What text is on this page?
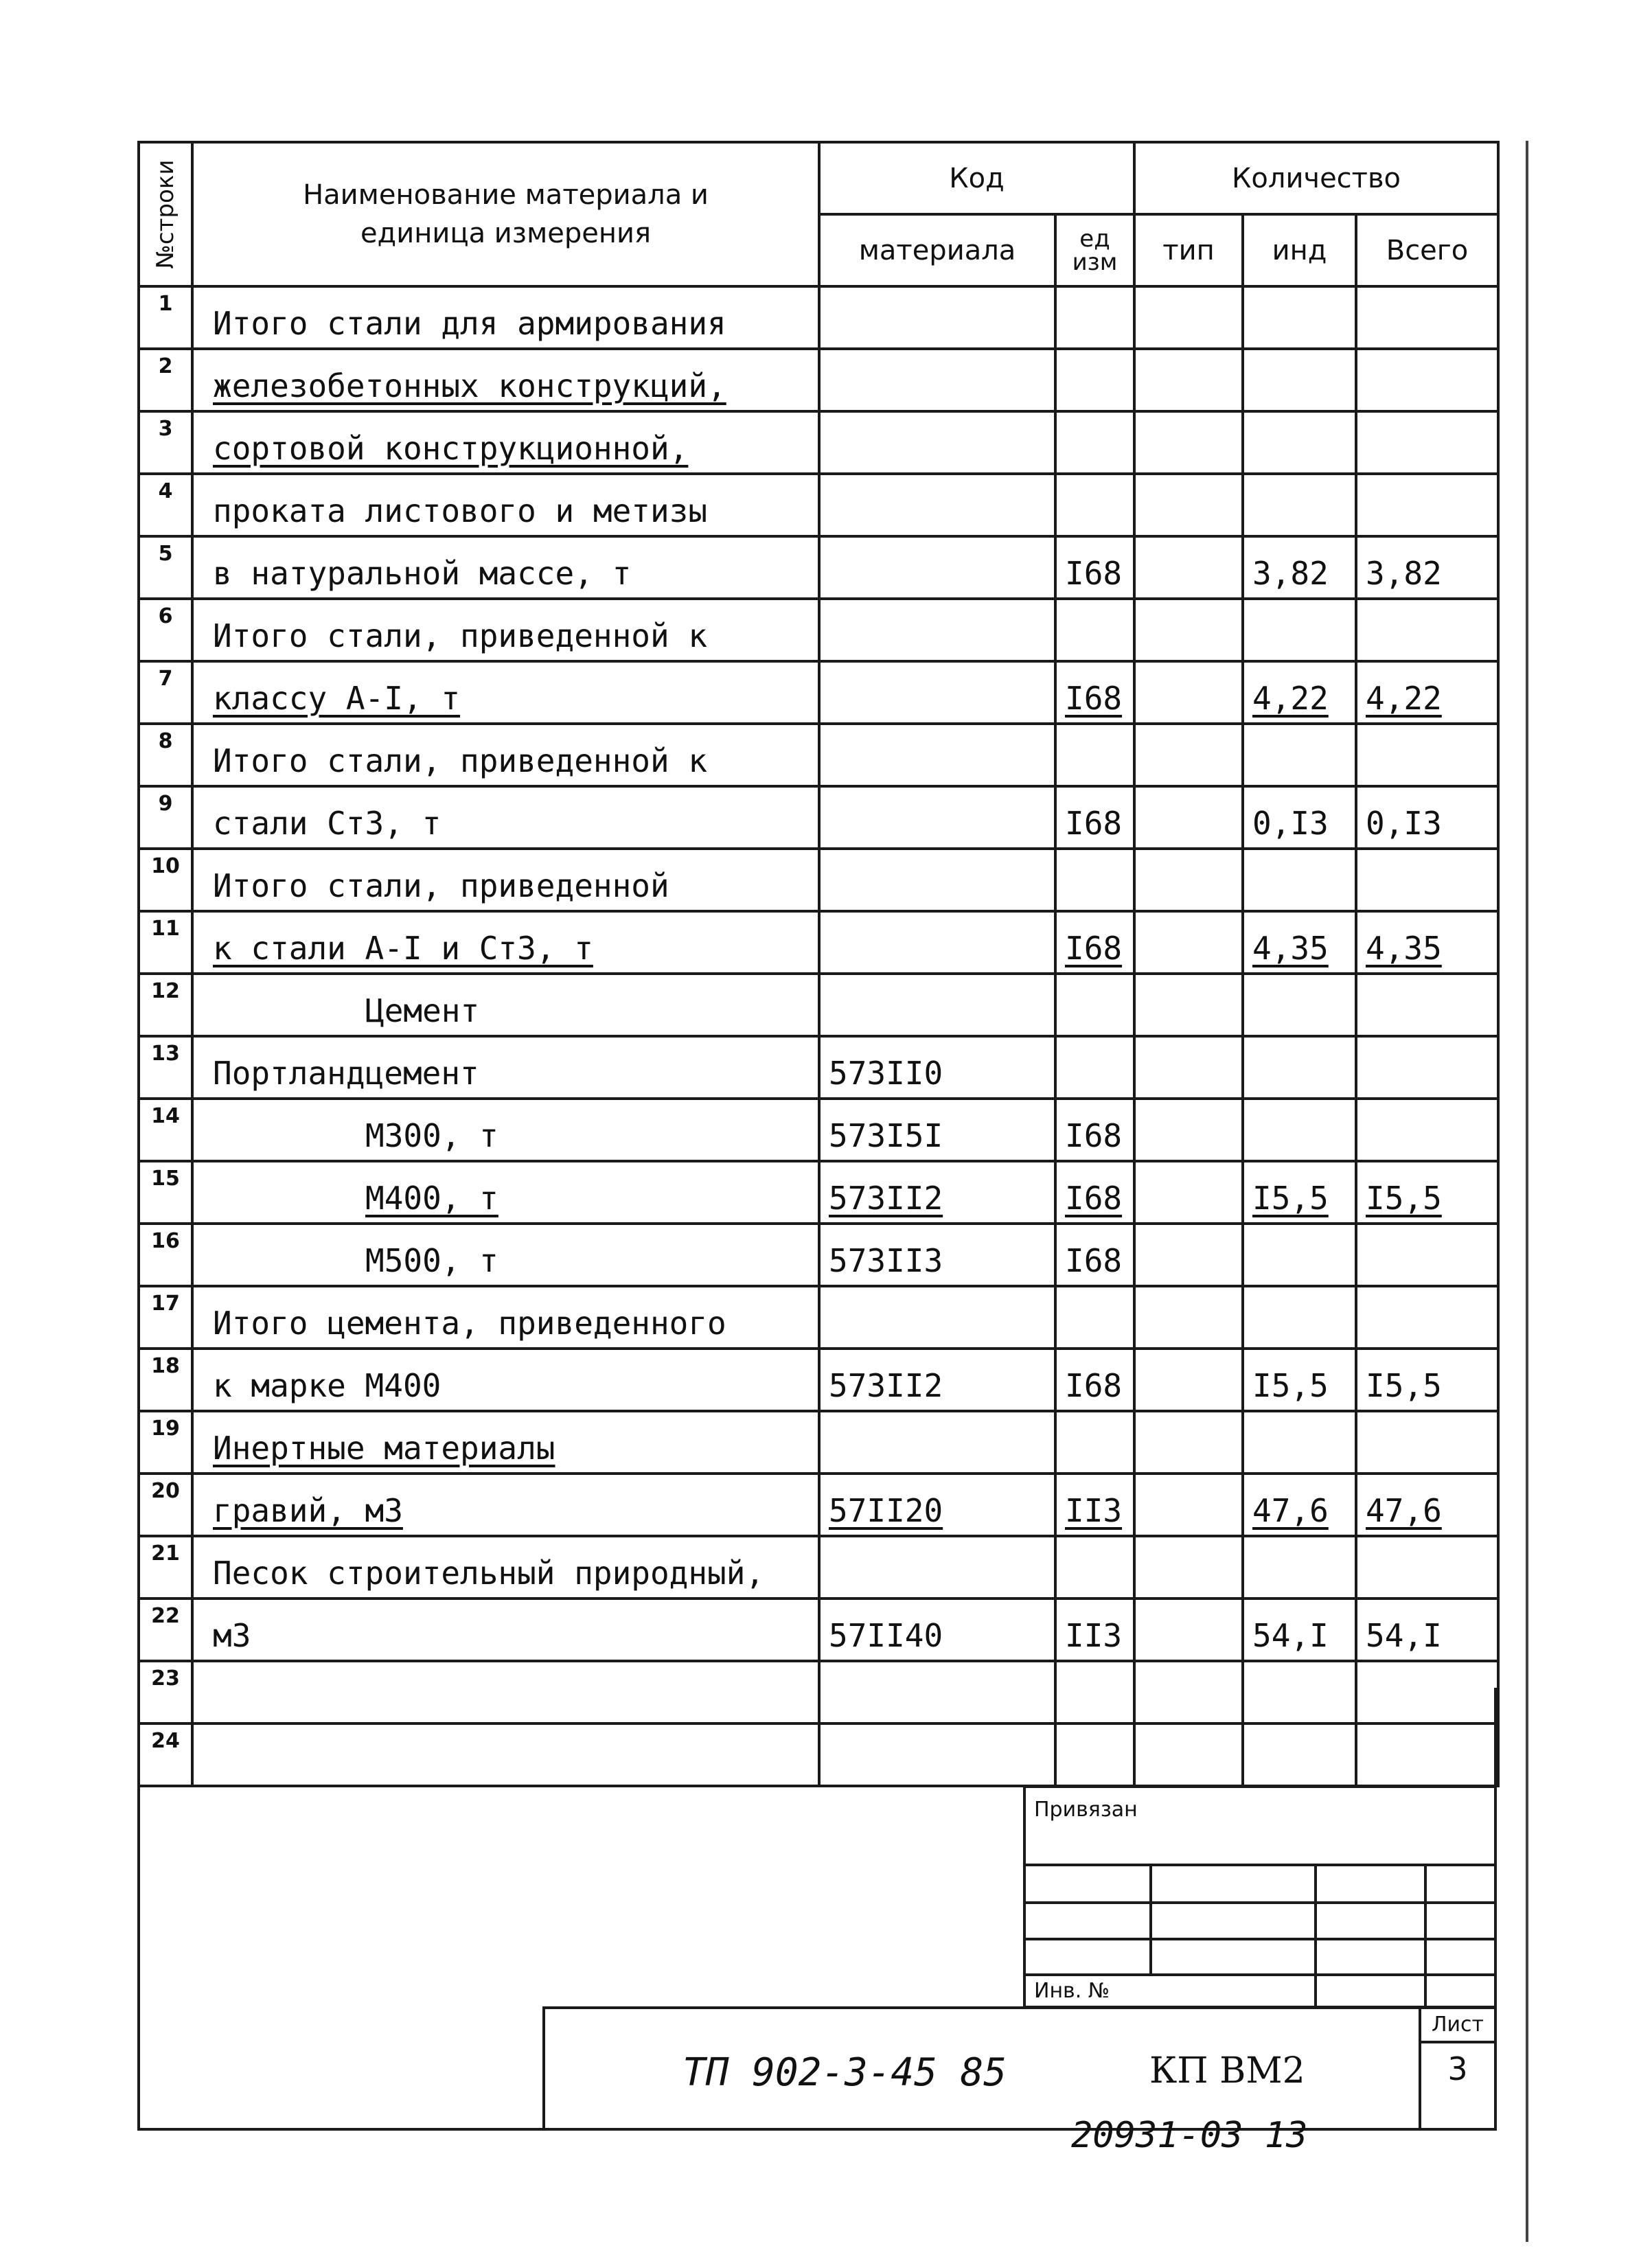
№строки	Наименование материала и единица измерения	Код		Количество		
		материала	ед изм	тип	инд	Всего
1	Итого стали для армирования					
2	железобетонных конструкций,					
3	сортовой конструкционной,					
4	проката листового и метизы					
5	в натуральной массе, т		I68		3,82	3,82
6	Итого стали, приведенной к					
7	классу А-I, т		I68		4,22	4,22
8	Итого стали, приведенной к					
9	стали Ст3, т		I68		0,I3	0,I3
10	Итого стали, приведенной					
11	к стали А-I и Ст3, т		I68		4,35	4,35
12	Цемент					
13	Портландцемент	573II0				
14	М300, т	573I5I	I68			
15	М400, т	573II2	I68		I5,5	I5,5
16	М500, т	573II3	I68			
17	Итого цемента, приведенного					
18	к марке М400	573II2	I68		I5,5	I5,5
19	Инертные материалы					
20	гравий, м3	57II20	II3		47,6	47,6
21	Песок строительный природный,					
22	м3	57II40	II3		54,I	54,I
23						
24						
Привязан
Инв. №
ТП 902-3-45 85	КП ВМ2
Лист
3
20931-03 13
